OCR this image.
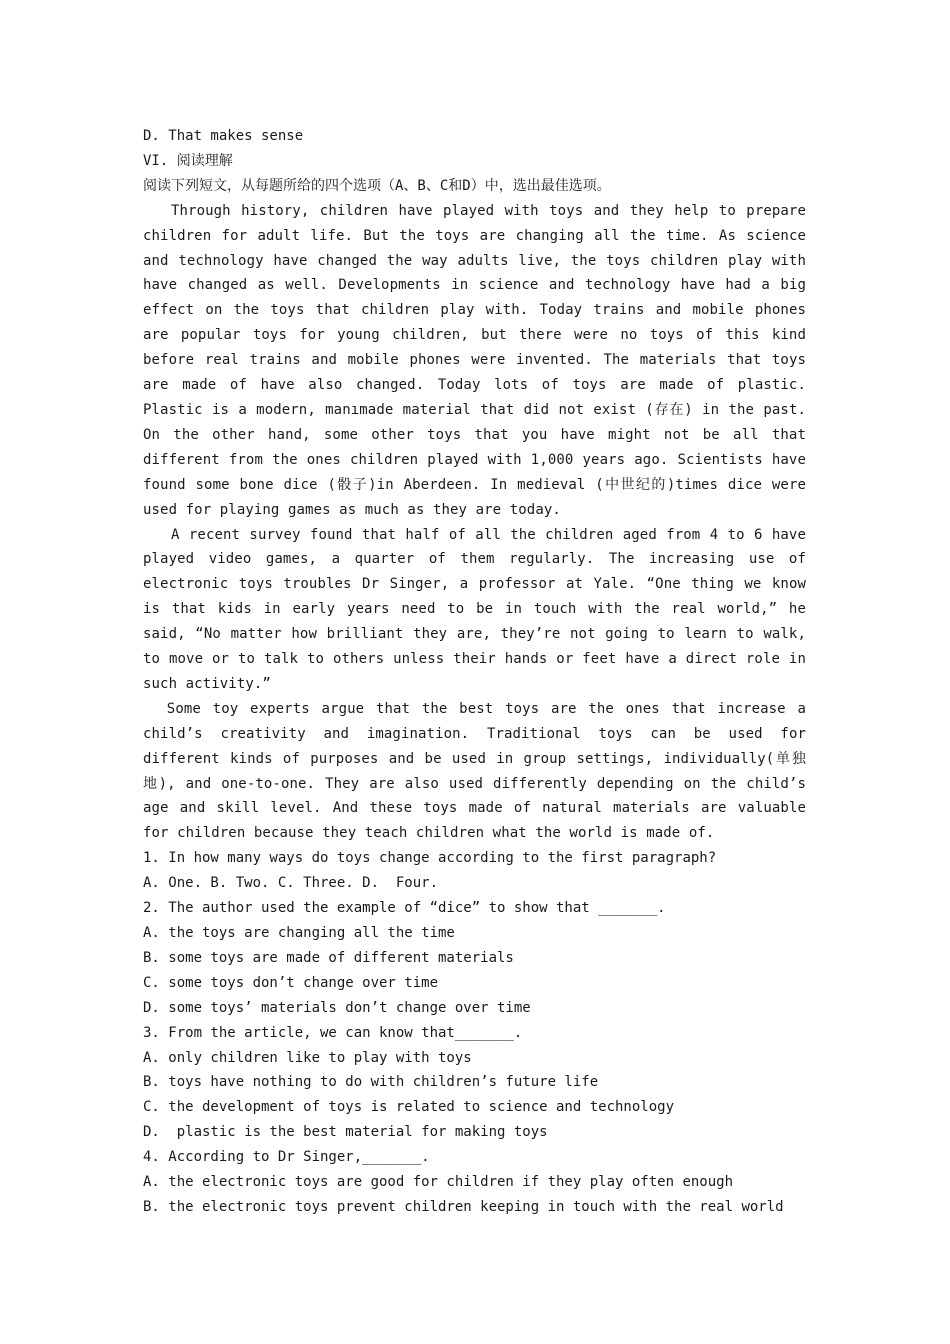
D. That makes sense

VI. 阅读理解

阅读下列短文，从每题所给的四个选项（A、B、C和D）中，选出最佳选项。

Through history, children have played with toys and they help to prepare children for adult life. But the toys are changing all the time. As science and technology have changed the way adults live, the toys children play with have changed as well. Developments in science and technology have had a big effect on the toys that children play with. Today trains and mobile phones are popular toys for young children, but there were no toys of this kind before real trains and mobile phones were invented. The materials that toys are made of have also changed. Today lots of toys are made of plastic. Plastic is a modern, manımade material that did not exist (存在) in the past. On the other hand, some other toys that you have might not be all that different from the ones children played with 1,000 years ago. Scientists have found some bone dice (骰子)in Aberdeen. In medieval (中世纪的)times dice were used for playing games as much as they are today.

A recent survey found that half of all the children aged from 4 to 6 have played video games, a quarter of them regularly. The increasing use of electronic toys troubles Dr Singer, a professor at Yale. “One thing we know is that kids in early years need to be in touch with the real world,” he said, “No matter how brilliant they are, they’re not going to learn to walk, to move or to talk to others unless their hands or feet have a direct role in such activity.”

Some toy experts argue that the best toys are the ones that increase a child’s creativity and imagination. Traditional toys can be used for different kinds of purposes and be used in group settings, individually(单独地), and one-to-one. They are also used differently depending on the child’s age and skill level. And these toys made of natural materials are valuable for children because they teach children what the world is made of.

1. In how many ways do toys change according to the first paragraph?

A. One. B. Two. C. Three. D.  Four.

2. The author used the example of “dice” to show that _______.

A. the toys are changing all the time

B. some toys are made of different materials

C. some toys don’t change over time

D. some toys’ materials don’t change over time

3. From the article, we can know that_______.

A. only children like to play with toys

B. toys have nothing to do with children’s future life

C. the development of toys is related to science and technology

D.  plastic is the best material for making toys

4. According to Dr Singer,_______.

A. the electronic toys are good for children if they play often enough

B. the electronic toys prevent children keeping in touch with the real world
